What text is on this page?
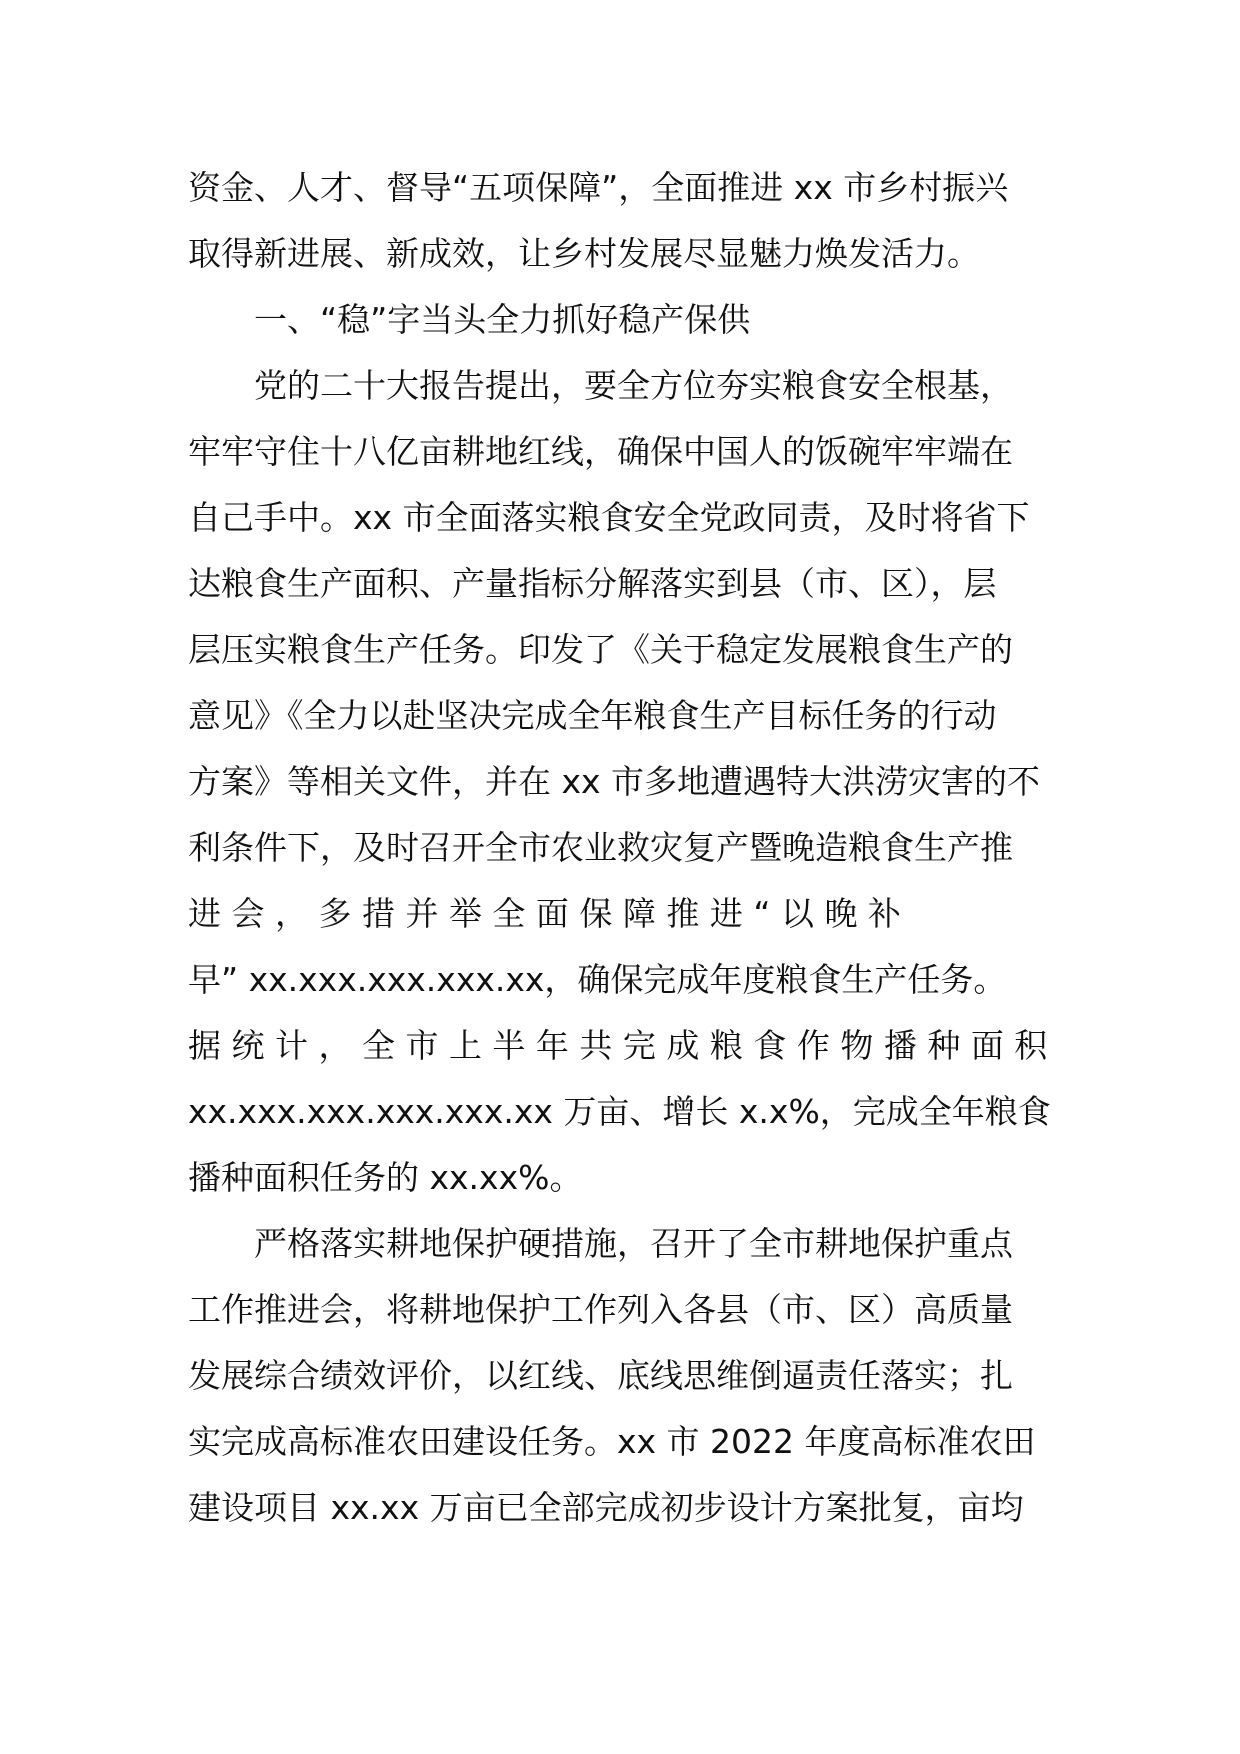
资金、人才、督导“五项保障”，全面推进 xx 市乡村振兴
取得新进展、新成效，让乡村发展尽显魅力焕发活力。
一、“稳”字当头全力抓好稳产保供
党的二十大报告提出，要全方位夯实粮食安全根基，
牢牢守住十八亿亩耕地红线，确保中国人的饭碗牢牢端在
自己手中。xx 市全面落实粮食安全党政同责，及时将省下
达粮食生产面积、产量指标分解落实到县（市、区），层
层压实粮食生产任务。印发了《关于稳定发展粮食生产的
意见》《全力以赴坚决完成全年粮食生产目标任务的行动
方案》等相关文件，并在 xx 市多地遭遇特大洪涝灾害的不
利条件下，及时召开全市农业救灾复产暨晚造粮食生产推
进 会 ， 多 措 并 举 全 面 保 障 推 进 “ 以 晚 补
早” xx.xxx.xxx.xxx.xx，确保完成年度粮食生产任务。
据 统 计 ， 全 市 上 半 年 共 完 成 粮 食 作 物 播 种 面 积
xx.xxx.xxx.xxx.xxx.xx 万亩、增长 x.x%，完成全年粮食
播种面积任务的 xx.xx%。
严格落实耕地保护硬措施，召开了全市耕地保护重点
工作推进会，将耕地保护工作列入各县（市、区）高质量
发展综合绩效评价，以红线、底线思维倒逼责任落实；扎
实完成高标准农田建设任务。xx 市 2022 年度高标准农田
建设项目 xx.xx 万亩已全部完成初步设计方案批复，亩均
